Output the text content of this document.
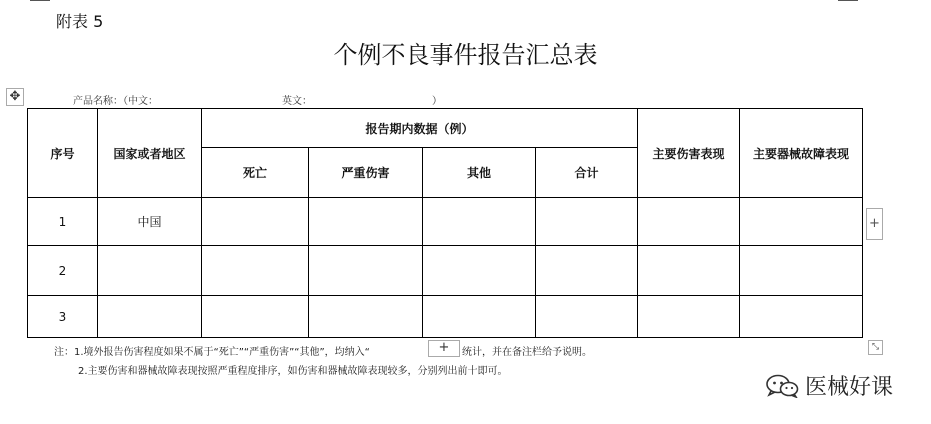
附表 5
个例不良事件报告汇总表
✥	产品名称：（中文：	英文：	）
序号	国家或者地区	报告期内数据（例）				主要伤害表现	主要器械故障表现
		死亡	严重伤害	其他	合计		
1	中国						
2							
3							
+
⤡
注：1.境外报告伤害程度如果不属于“死亡”“严重伤害”“其他”，均纳入“	统计，并在备注栏给予说明。
+
2.主要伤害和器械故障表现按照严重程度排序，如伤害和器械故障表现较多，分别列出前十即可。
医械好课
